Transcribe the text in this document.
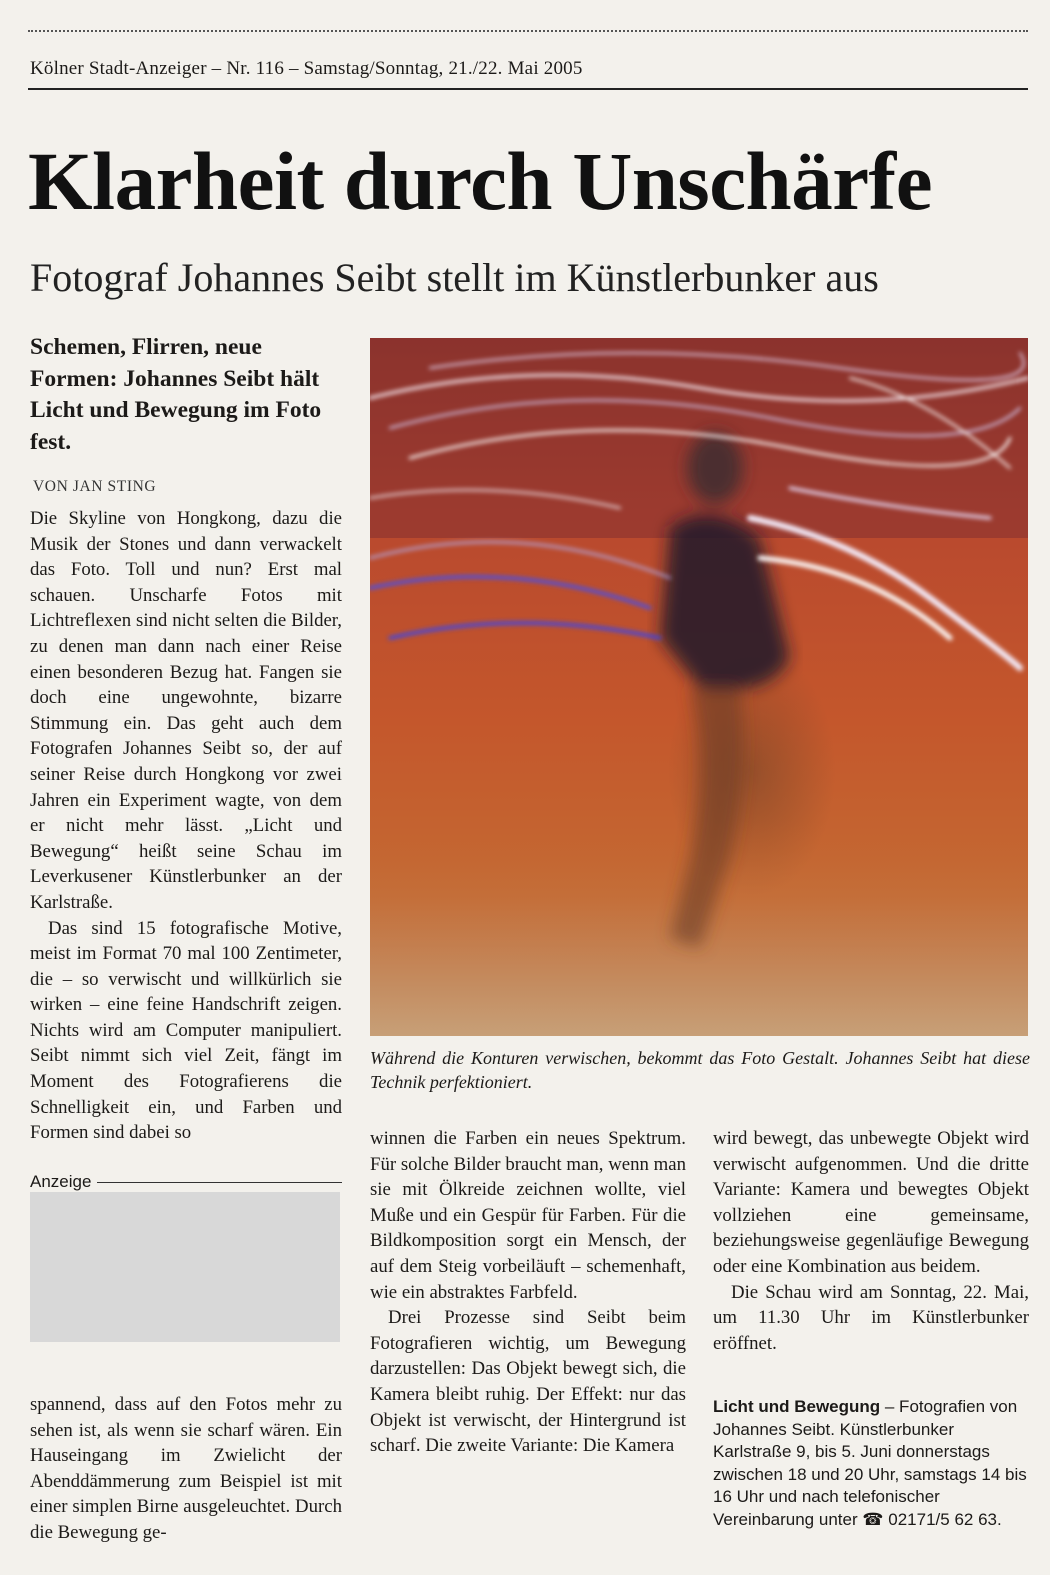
Kölner Stadt-Anzeiger – Nr. 116 – Samstag/Sonntag, 21./22. Mai 2005
Klarheit durch Unschärfe
Fotograf Johannes Seibt stellt im Künstlerbunker aus
Schemen, Flirren, neue Formen: Johannes Seibt hält Licht und Bewegung im Foto fest.
VON JAN STING

Die Skyline von Hongkong, dazu die Musik der Stones und dann verwackelt das Foto. Toll und nun? Erst mal schauen. Unscharfe Fotos mit Lichtreflexen sind nicht selten die Bilder, zu denen man dann nach einer Reise einen besonderen Bezug hat. Fangen sie doch eine ungewohnte, bizarre Stimmung ein. Das geht auch dem Fotografen Johannes Seibt so, der auf seiner Reise durch Hongkong vor zwei Jahren ein Experiment wagte, von dem er nicht mehr lässt. „Licht und Bewegung“ heißt seine Schau im Leverkusener Künstlerbunker an der Karlstraße.

Das sind 15 fotografische Motive, meist im Format 70 mal 100 Zentimeter, die – so verwischt und willkürlich sie wirken – eine feine Handschrift zeigen. Nichts wird am Computer manipuliert. Seibt nimmt sich viel Zeit, fängt im Moment des Fotografierens die Schnelligkeit ein, und Farben und Formen sind dabei so

Während die Konturen verwischen, bekommt das Foto Gestalt. Johannes Seibt hat diese Technik perfektioniert.
Anzeige

spannend, dass auf den Fotos mehr zu sehen ist, als wenn sie scharf wären. Ein Hauseingang im Zwielicht der Abenddämmerung zum Beispiel ist mit einer simplen Birne ausgeleuchtet. Durch die Bewegung ge-

winnen die Farben ein neues Spektrum. Für solche Bilder braucht man, wenn man sie mit Ölkreide zeichnen wollte, viel Muße und ein Gespür für Farben. Für die Bildkomposition sorgt ein Mensch, der auf dem Steig vorbeiläuft – schemenhaft, wie ein abstraktes Farbfeld.

Drei Prozesse sind Seibt beim Fotografieren wichtig, um Bewegung darzustellen: Das Objekt bewegt sich, die Kamera bleibt ruhig. Der Effekt: nur das Objekt ist verwischt, der Hintergrund ist scharf. Die zweite Variante: Die Kamera

wird bewegt, das unbewegte Objekt wird verwischt aufgenommen. Und die dritte Variante: Kamera und bewegtes Objekt vollziehen eine gemeinsame, beziehungsweise gegenläufige Bewegung oder eine Kombination aus beidem.

Die Schau wird am Sonntag, 22. Mai, um 11.30 Uhr im Künstlerbunker eröffnet.

Licht und Bewegung – Fotografien von Johannes Seibt. Künstlerbunker Karlstraße 9, bis 5. Juni donnerstags zwischen 18 und 20 Uhr, samstags 14 bis 16 Uhr und nach telefonischer Vereinbarung unter ☎ 02171/5 62 63.
